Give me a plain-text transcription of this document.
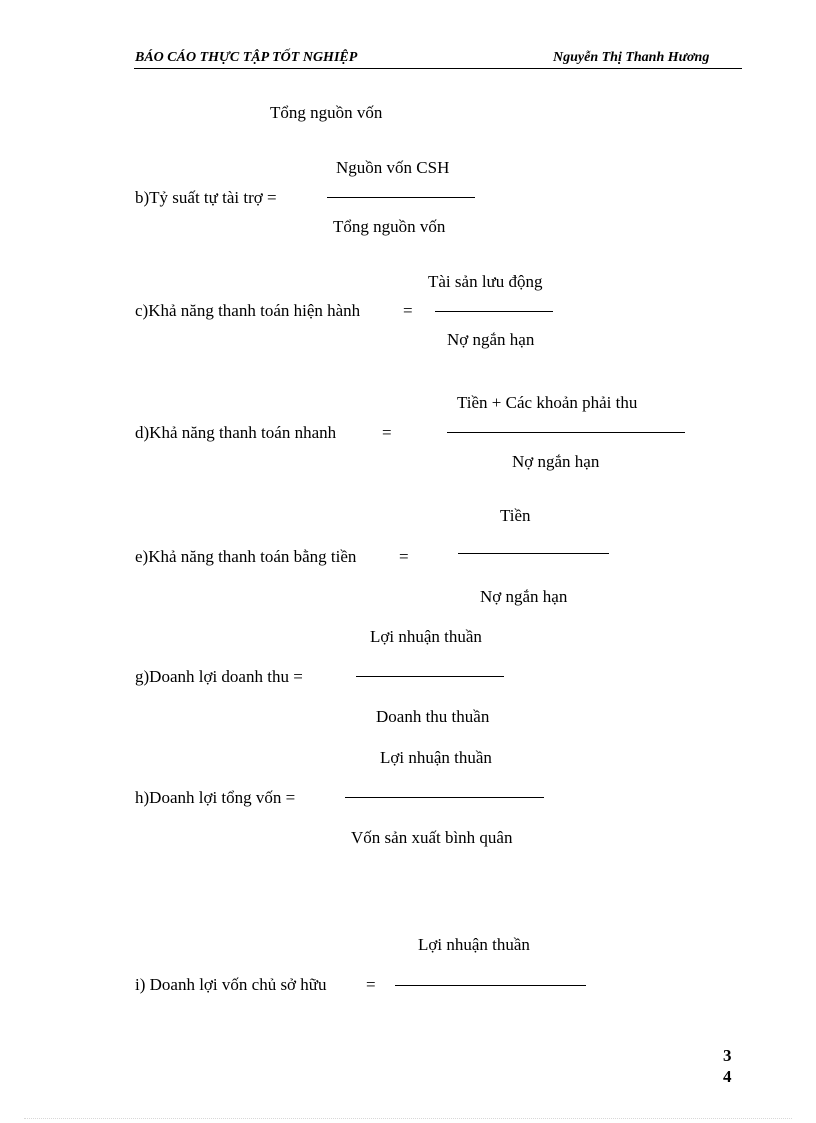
BÁO CÁO THỰC TẬP TỐT NGHIỆP	Nguyễn Thị Thanh Hương
Tổng nguồn vốn
Nguồn vốn CSH
b)Tỷ suất tự tài trợ =
Tổng nguồn vốn
Tài sản lưu động
c)Khả năng thanh toán hiện hành	=
Nợ ngắn hạn
Tiền + Các khoản phải thu
d)Khả năng thanh toán nhanh	=
Nợ ngắn hạn
Tiền
e)Khả năng thanh toán bằng tiền	=
Nợ ngắn hạn
Lợi nhuận thuần
g)Doanh lợi doanh thu =
Doanh thu thuần
Lợi nhuận thuần
h)Doanh lợi tổng vốn =
Vốn sản xuất bình quân
Lợi nhuận thuần
i) Doanh lợi vốn chủ sở hữu =
3
4
